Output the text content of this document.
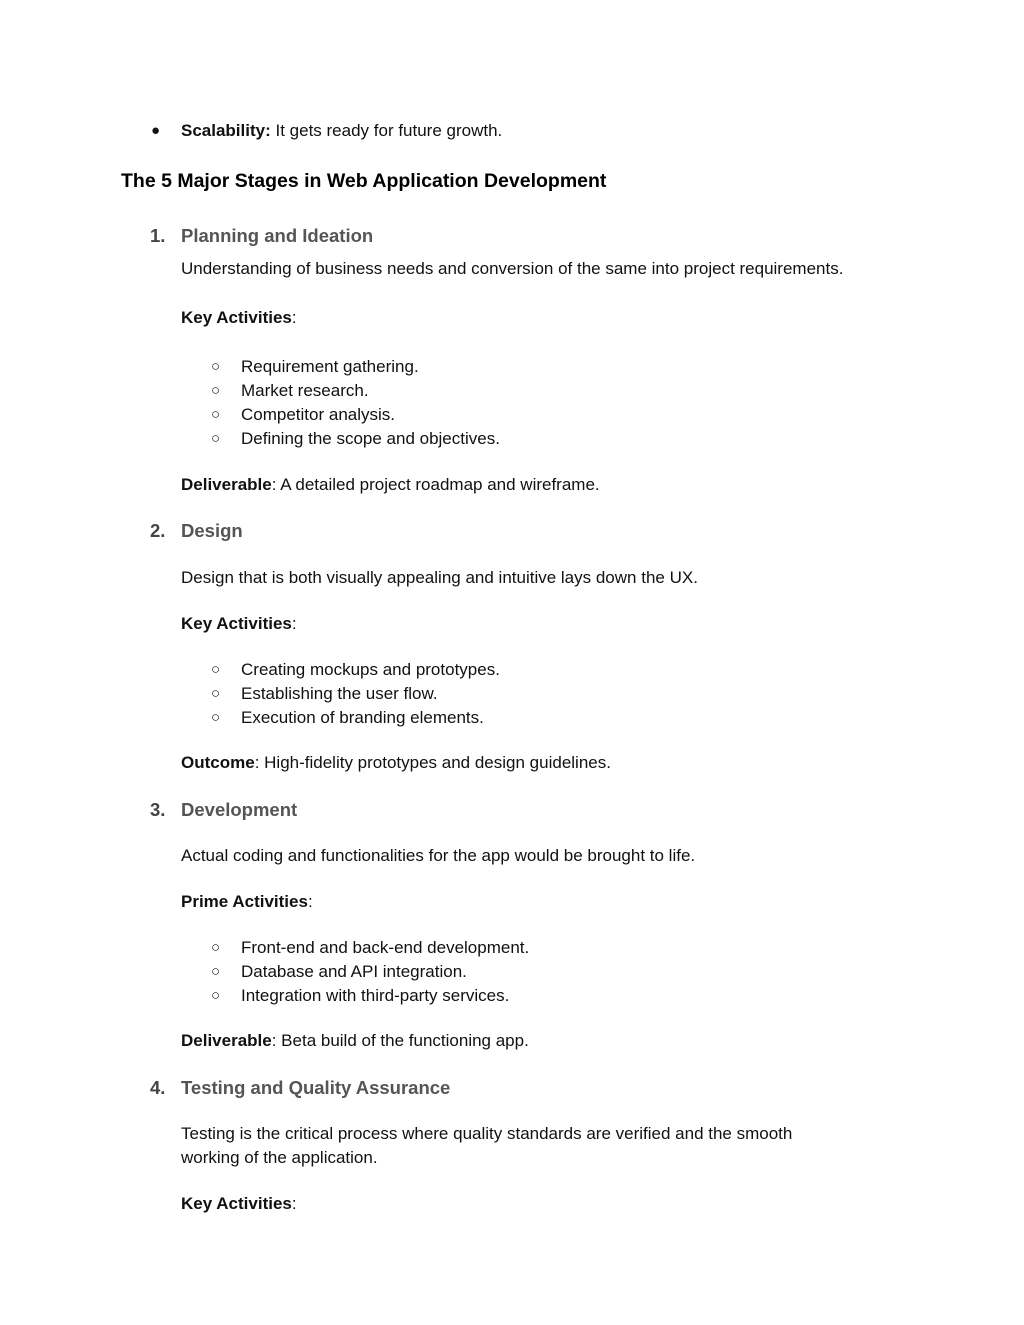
● Scalability: It gets ready for future growth.
The 5 Major Stages in Web Application Development
1. Planning and Ideation
Understanding of business needs and conversion of the same into project requirements.
Key Activities:
○ Requirement gathering.
○ Market research.
○ Competitor analysis.
○ Defining the scope and objectives.
Deliverable: A detailed project roadmap and wireframe.
2. Design
Design that is both visually appealing and intuitive lays down the UX.
Key Activities:
○ Creating mockups and prototypes.
○ Establishing the user flow.
○ Execution of branding elements.
Outcome: High-fidelity prototypes and design guidelines.
3. Development
Actual coding and functionalities for the app would be brought to life.
Prime Activities:
○ Front-end and back-end development.
○ Database and API integration.
○ Integration with third-party services.
Deliverable: Beta build of the functioning app.
4. Testing and Quality Assurance
Testing is the critical process where quality standards are verified and the smooth working of the application.
Key Activities:
